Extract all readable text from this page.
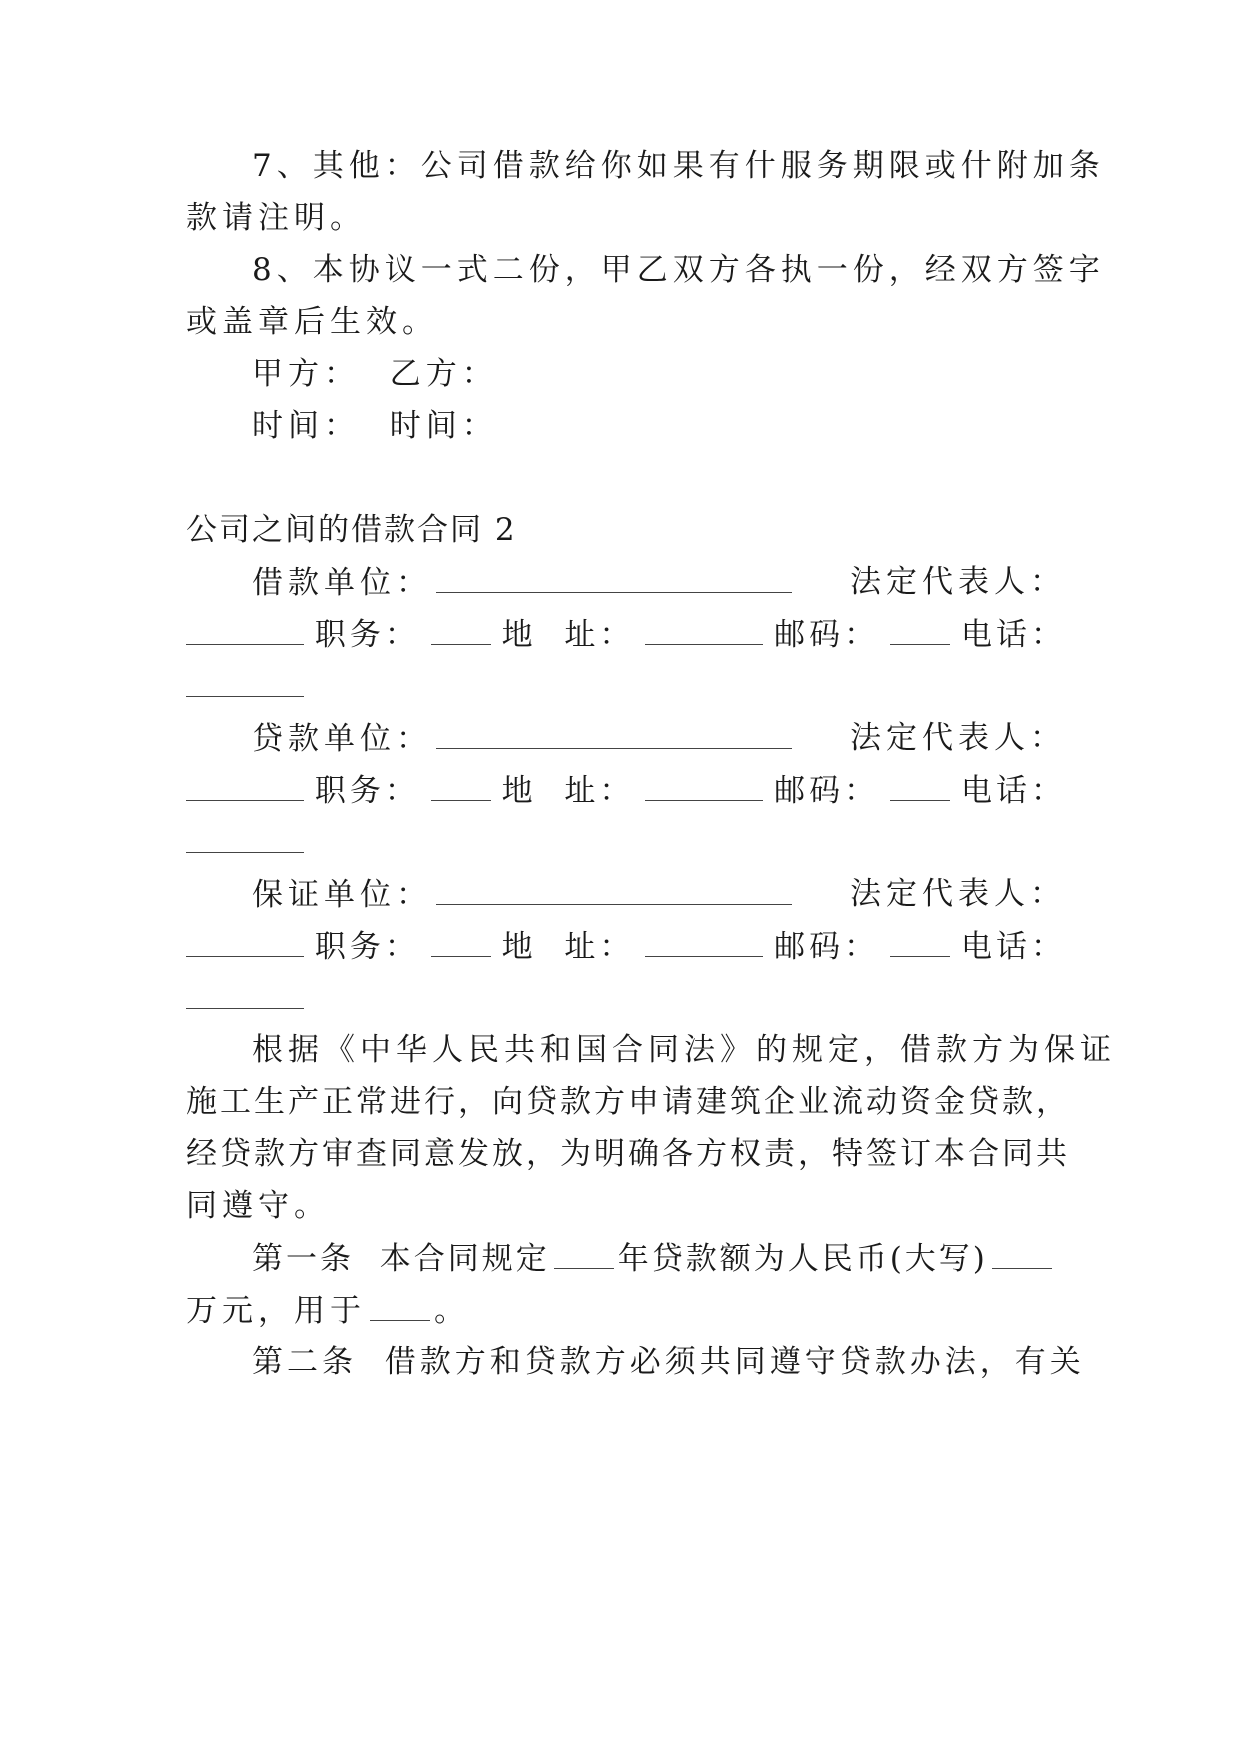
7、其他：公司借款给你如果有什服务期限或什附加条
款请注明。
8、本协议一式二份，甲乙双方各执一份，经双方签字
或盖章后生效。
甲方：  乙方：
时间：  时间：
公司之间的借款合同 2
借款单位：	法定代表人：
职务：	地  址：	邮码：	电话：
贷款单位：	法定代表人：
职务：	地  址：	邮码：	电话：
保证单位：	法定代表人：
职务：	地  址：	邮码：	电话：
根据《中华人民共和国合同法》的规定，借款方为保证
施工生产正常进行，向贷款方申请建筑企业流动资金贷款，
经贷款方审查同意发放，为明确各方权责，特签订本合同共
同遵守。
第一条  本合同规定 年贷款额为人民币(大写)
万元，用于 。
第二条  借款方和贷款方必须共同遵守贷款办法，有关
